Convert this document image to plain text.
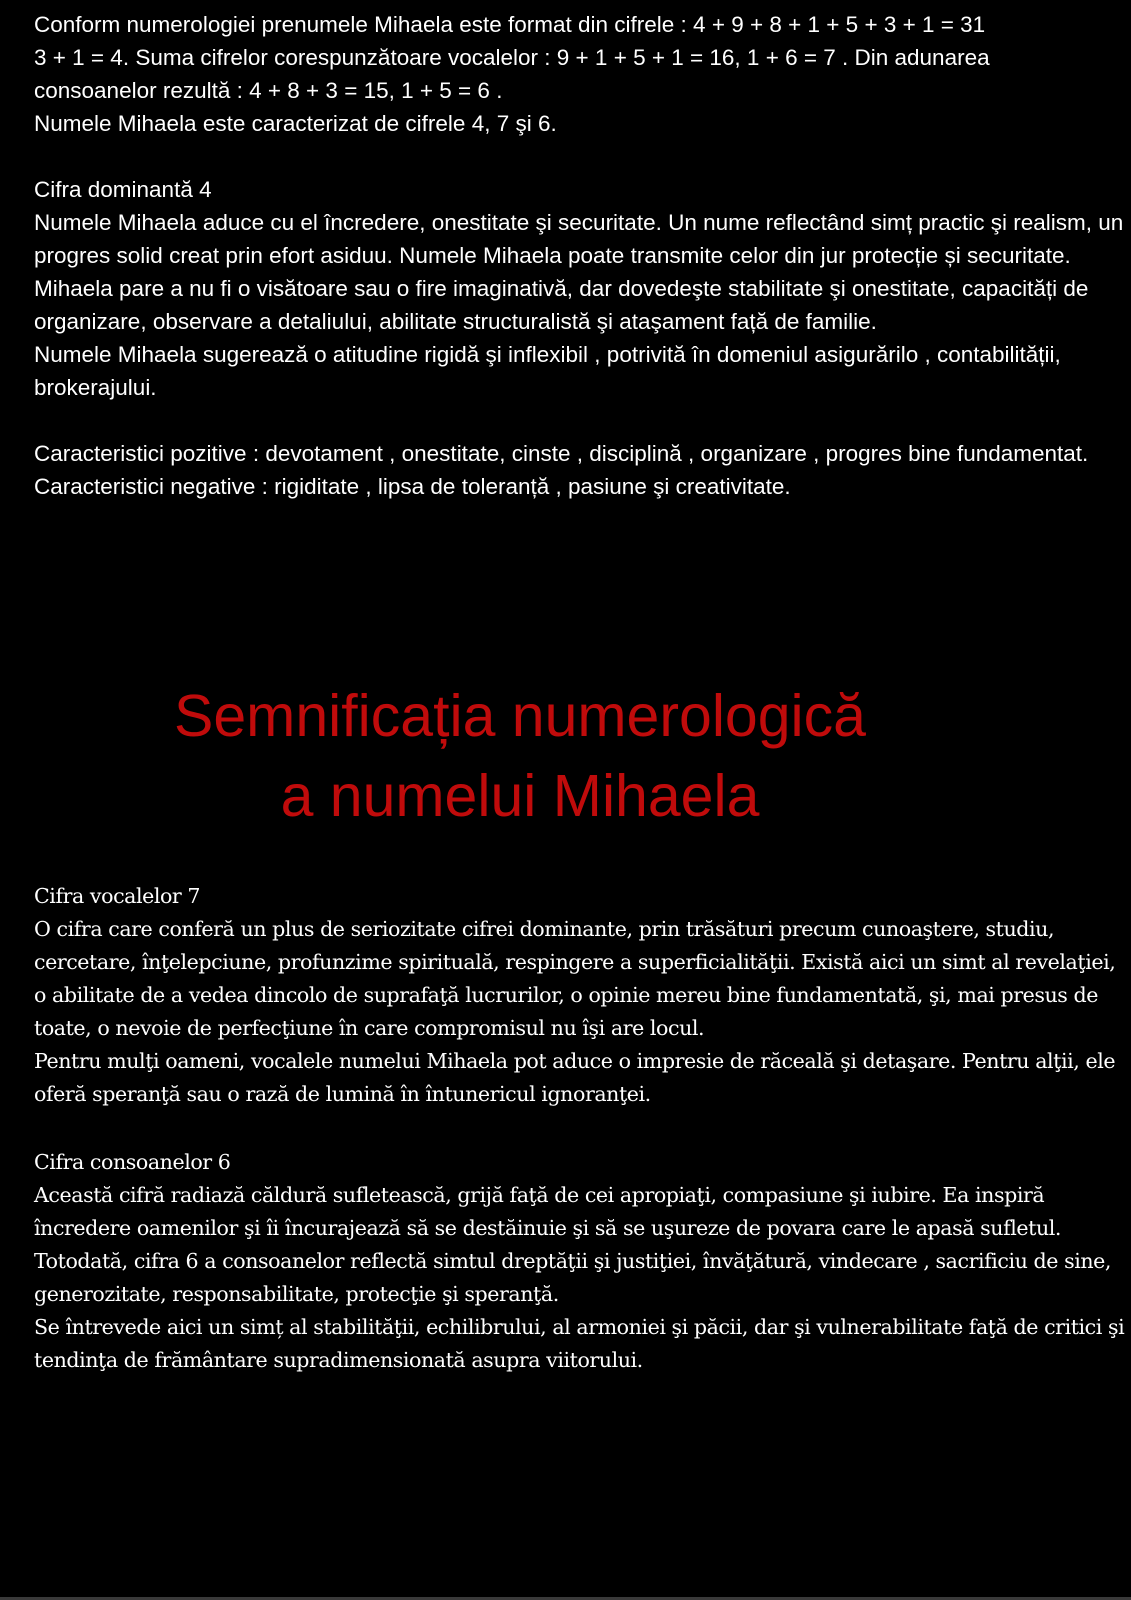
Conform numerologiei prenumele Mihaela este format din cifrele : 4 + 9 + 8 + 1 + 5 + 3 + 1 = 31

3 + 1 = 4. Suma cifrelor corespunzătoare vocalelor : 9 + 1 + 5 + 1 = 16, 1 + 6 = 7 . Din adunarea

consoanelor rezultă : 4 + 8 + 3 = 15, 1 + 5 = 6 .

Numele Mihaela este caracterizat de cifrele 4, 7 şi 6.

Cifra dominantă 4

Numele Mihaela aduce cu el încredere, onestitate şi securitate. Un nume reflectând simț practic şi realism, un progres solid creat prin efort asiduu. Numele Mihaela poate transmite celor din jur protecție și securitate.

Mihaela pare a nu fi o visătoare sau o fire imaginativă, dar dovedeşte stabilitate şi onestitate, capacități de organizare, observare a detaliului, abilitate structuralistă şi ataşament față de familie.

Numele Mihaela sugerează o atitudine rigidă şi inflexibil , potrivită în domeniul asigurărilo , contabilității, brokerajului.

Caracteristici pozitive : devotament , onestitate, cinste , disciplină , organizare , progres bine fundamentat.

Caracteristici negative : rigiditate , lipsa de toleranță , pasiune şi creativitate.

Semnificația numerologică
a numelui Mihaela

Cifra vocalelor 7

O cifra care conferă un plus de seriozitate cifrei dominante, prin trăsături precum cunoaştere, studiu, cercetare, înţelepciune, profunzime spirituală, respingere a superficialităţii. Există aici un simt al revelaţiei, o abilitate de a vedea dincolo de suprafaţă lucrurilor, o opinie mereu bine fundamentată, şi, mai presus de toate, o nevoie de perfecţiune în care compromisul nu îşi are locul.

Pentru mulţi oameni, vocalele numelui Mihaela pot aduce o impresie de răceală şi detaşare. Pentru alţii, ele oferă speranţă sau o rază de lumină în întunericul ignoranţei.

Cifra consoanelor 6

Această cifră radiază căldură sufletească, grijă faţă de cei apropiaţi, compasiune şi iubire. Ea inspiră încredere oamenilor şi îi încurajează să se destăinuie şi să se uşureze de povara care le apasă sufletul.

Totodată, cifra 6 a consoanelor reflectă simtul dreptăţii şi justiţiei, învăţătură, vindecare , sacrificiu de sine, generozitate, responsabilitate, protecţie şi speranţă.

Se întrevede aici un simț al stabilităţii, echilibrului, al armoniei şi păcii, dar şi vulnerabilitate faţă de critici şi tendinţa de frământare supradimensionată asupra viitorului.
